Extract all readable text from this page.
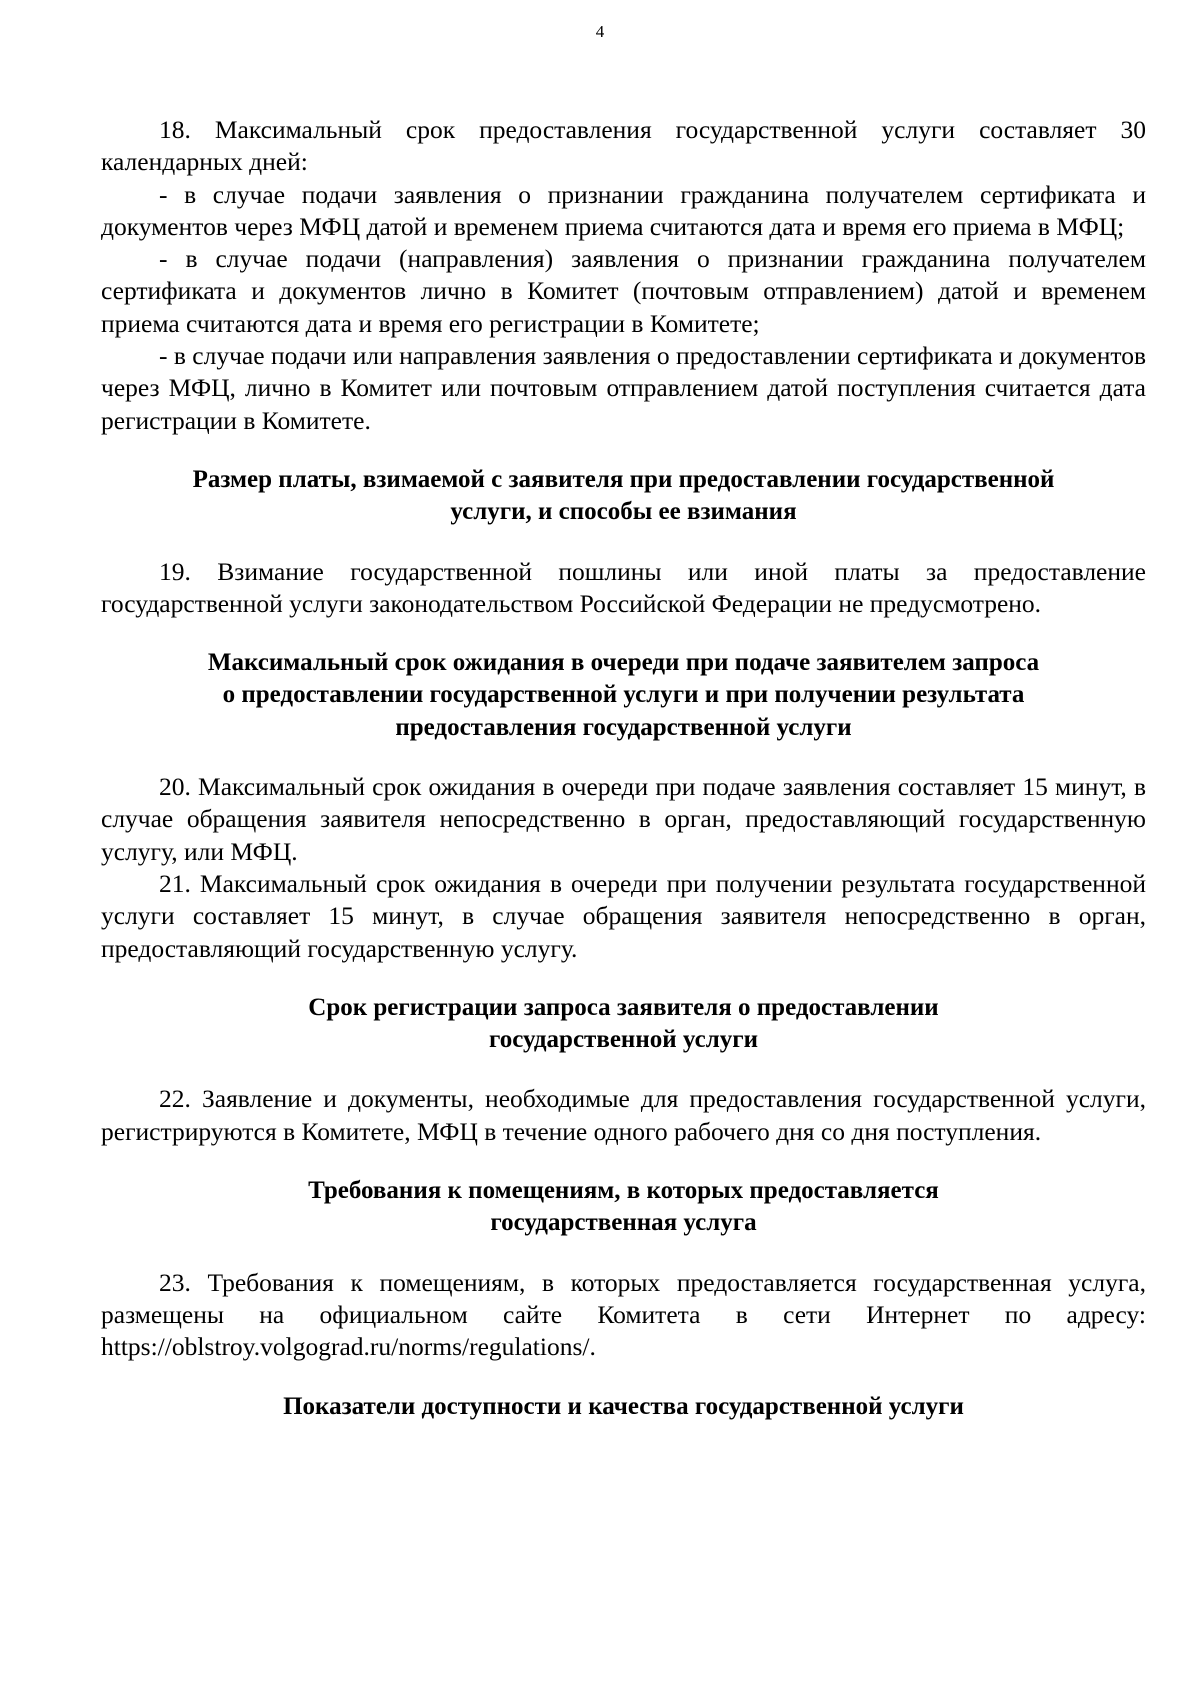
4

18. Максимальный срок предоставления государственной услуги составляет 30 календарных дней:

- в случае подачи заявления о признании гражданина получателем сертификата и документов через МФЦ датой и временем приема считаются дата и время его приема в МФЦ;

- в случае подачи (направления) заявления о признании гражданина получателем сертификата и документов лично в Комитет (почтовым отправлением) датой и временем приема считаются дата и время его регистрации в Комитете;

- в случае подачи или направления заявления о предоставлении сертификата и документов через МФЦ, лично в Комитет или почтовым отправлением датой поступления считается дата регистрации в Комитете.

Размер платы, взимаемой с заявителя при предоставлении государственной
услуги, и способы ее взимания

19. Взимание государственной пошлины или иной платы за предоставление государственной услуги законодательством Российской Федерации не предусмотрено.

Максимальный срок ожидания в очереди при подаче заявителем запроса
о предоставлении государственной услуги и при получении результата
предоставления государственной услуги

20. Максимальный срок ожидания в очереди при подаче заявления составляет 15 минут, в случае обращения заявителя непосредственно в орган, предоставляющий государственную услугу, или МФЦ.

21. Максимальный срок ожидания в очереди при получении результата государственной услуги составляет 15 минут, в случае обращения заявителя непосредственно в орган, предоставляющий государственную услугу.

Срок регистрации запроса заявителя о предоставлении
государственной услуги

22. Заявление и документы, необходимые для предоставления государственной услуги, регистрируются в Комитете, МФЦ в течение одного рабочего дня со дня поступления.

Требования к помещениям, в которых предоставляется
государственная услуга

23. Требования к помещениям, в которых предоставляется государственная услуга, размещены на официальном сайте Комитета в сети Интернет по адресу: https://oblstroy.volgograd.ru/norms/regulations/.

Показатели доступности и качества государственной услуги
